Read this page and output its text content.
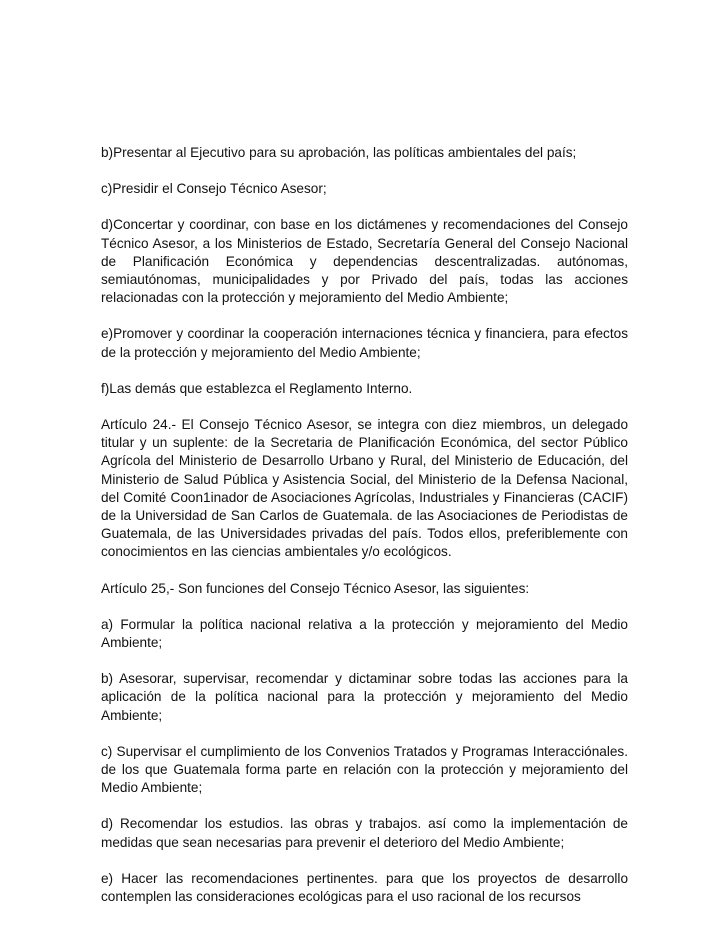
b)Presentar al Ejecutivo para su aprobación, las políticas ambientales del país;

c)Presidir el Consejo Técnico Asesor;

d)Concertar y coordinar, con base en los dictámenes y recomendaciones del Consejo Técnico Asesor, a los Ministerios de Estado, Secretaría General del Consejo Nacional de Planificación Económica y dependencias descentralizadas. autónomas, semiautónomas, municipalidades y por Privado del país, todas las acciones relacionadas con la protección y mejoramiento del Medio Ambiente;

e)Promover y coordinar la cooperación internaciones técnica y financiera, para efectos de la protección y mejoramiento del Medio Ambiente;

f)Las demás que establezca el Reglamento Interno.

Artículo 24.- El Consejo Técnico Asesor, se integra con diez miembros, un delegado titular y un suplente: de la Secretaria de Planificación Económica, del sector Público Agrícola del Ministerio de Desarrollo Urbano y Rural, del Ministerio de Educación, del Ministerio de Salud Pública y Asistencia Social, del Ministerio de la Defensa Nacional, del Comité Coon1inador de Asociaciones Agrícolas, Industriales y Financieras (CACIF) de la Universidad de San Carlos de Guatemala. de las Asociaciones de Periodistas de Guatemala, de las Universidades privadas del país. Todos ellos, preferiblemente con conocimientos en las ciencias ambientales y/o ecológicos.

Artículo 25,- Son funciones del Consejo Técnico Asesor, las siguientes:

a) Formular la política nacional relativa a la protección y mejoramiento del Medio Ambiente;

b) Asesorar, supervisar, recomendar y dictaminar sobre todas las acciones para la aplicación de la política nacional para la protección y mejoramiento del Medio Ambiente;

c) Supervisar el cumplimiento de los Convenios Tratados y Programas Interacciónales. de los que Guatemala forma parte en relación con la protección y mejoramiento del Medio Ambiente;

d) Recomendar los estudios. las obras y trabajos. así como la implementación de medidas que sean necesarias para prevenir el deterioro del Medio Ambiente;

e) Hacer las recomendaciones pertinentes. para que los proyectos de desarrollo contemplen las consideraciones ecológicas para el uso racional de los recursos
